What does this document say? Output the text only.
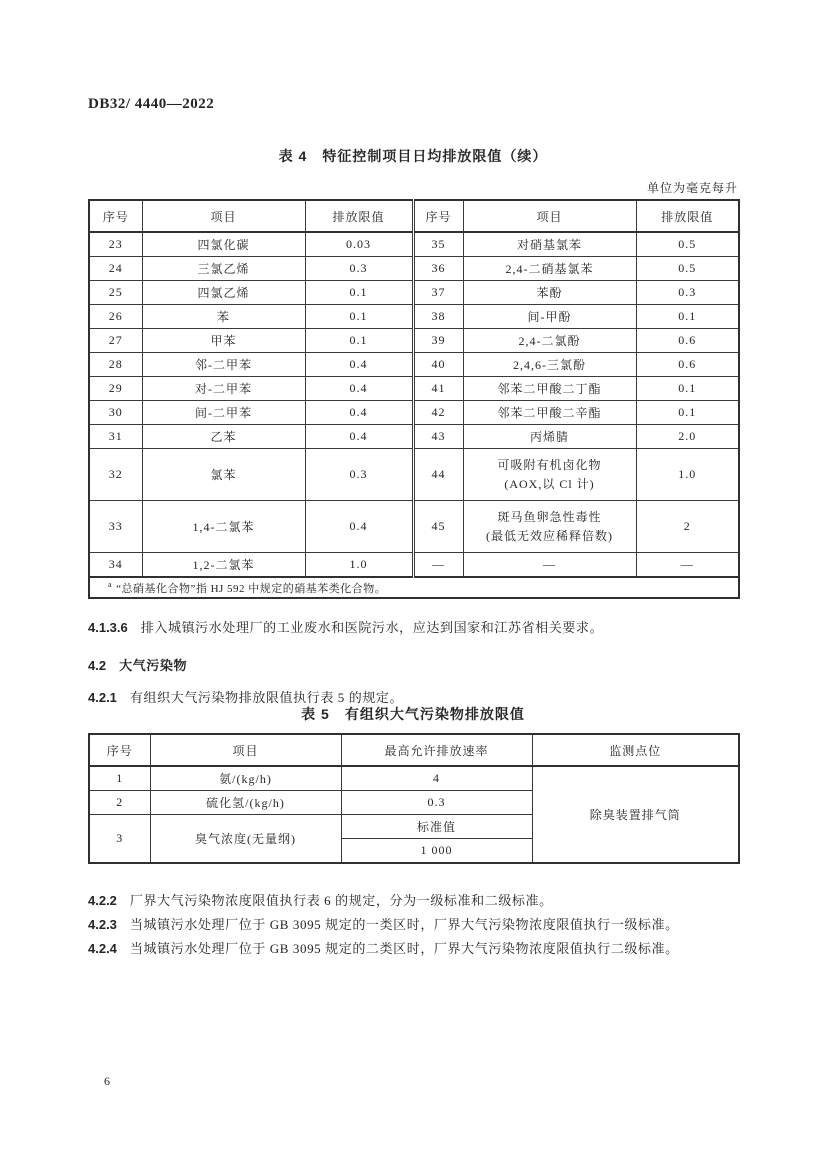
DB32/ 4440—2022
表 4　特征控制项目日均排放限值（续）
单位为毫克每升
序号	项目	排放限值	序号	项目	排放限值
23	四氯化碳	0.03	35	对硝基氯苯	0.5
24	三氯乙烯	0.3	36	2,4-二硝基氯苯	0.5
25	四氯乙烯	0.1	37	苯酚	0.3
26	苯	0.1	38	间-甲酚	0.1
27	甲苯	0.1	39	2,4-二氯酚	0.6
28	邻-二甲苯	0.4	40	2,4,6-三氯酚	0.6
29	对-二甲苯	0.4	41	邻苯二甲酸二丁酯	0.1
30	间-二甲苯	0.4	42	邻苯二甲酸二辛酯	0.1
31	乙苯	0.4	43	丙烯腈	2.0
32	氯苯	0.3	44	可吸附有机卤化物
(AOX,以 Cl 计)	1.0
33	1,4-二氯苯	0.4	45	斑马鱼卵急性毒性
(最低无效应稀释倍数)	2
34	1,2-二氯苯	1.0	—	—	—
$^a$ “总硝基化合物”指 HJ 592 中规定的硝基苯类化合物。					

4.1.3.6 排入城镇污水处理厂的工业废水和医院污水，应达到国家和江苏省相关要求。

4.2 大气污染物

4.2.1 有组织大气污染物排放限值执行表 5 的规定。

表 5　有组织大气污染物排放限值
序号	项目	最高允许排放速率	监测点位
1	氨/(kg/h)	4	除臭装置排气筒
2	硫化氢/(kg/h)	0.3	
3	臭气浓度(无量纲)	标准值	
		1 000	

4.2.2 厂界大气污染物浓度限值执行表 6 的规定，分为一级标准和二级标准。

4.2.3 当城镇污水处理厂位于 GB 3095 规定的一类区时，厂界大气污染物浓度限值执行一级标准。

4.2.4 当城镇污水处理厂位于 GB 3095 规定的二类区时，厂界大气污染物浓度限值执行二级标准。

6
